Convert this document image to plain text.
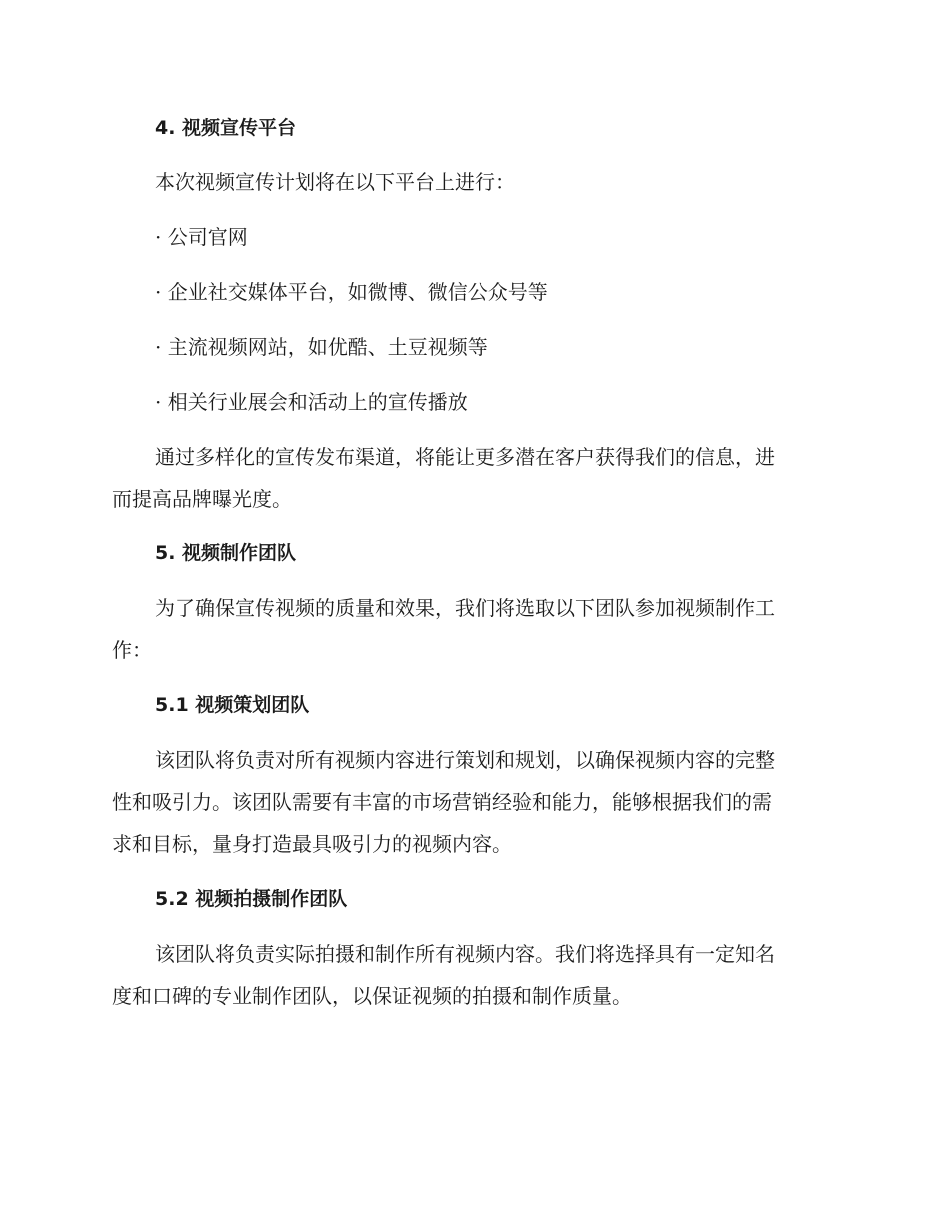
4. 视频宣传平台
本次视频宣传计划将在以下平台上进行：
· 公司官网
· 企业社交媒体平台，如微博、微信公众号等
· 主流视频网站，如优酷、土豆视频等
· 相关行业展会和活动上的宣传播放
通过多样化的宣传发布渠道，将能让更多潜在客户获得我们的信息，进
而提高品牌曝光度。
5. 视频制作团队
为了确保宣传视频的质量和效果，我们将选取以下团队参加视频制作工
作：
5.1 视频策划团队
该团队将负责对所有视频内容进行策划和规划，以确保视频内容的完整
性和吸引力。该团队需要有丰富的市场营销经验和能力，能够根据我们的需
求和目标，量身打造最具吸引力的视频内容。
5.2 视频拍摄制作团队
该团队将负责实际拍摄和制作所有视频内容。我们将选择具有一定知名
度和口碑的专业制作团队，以保证视频的拍摄和制作质量。
